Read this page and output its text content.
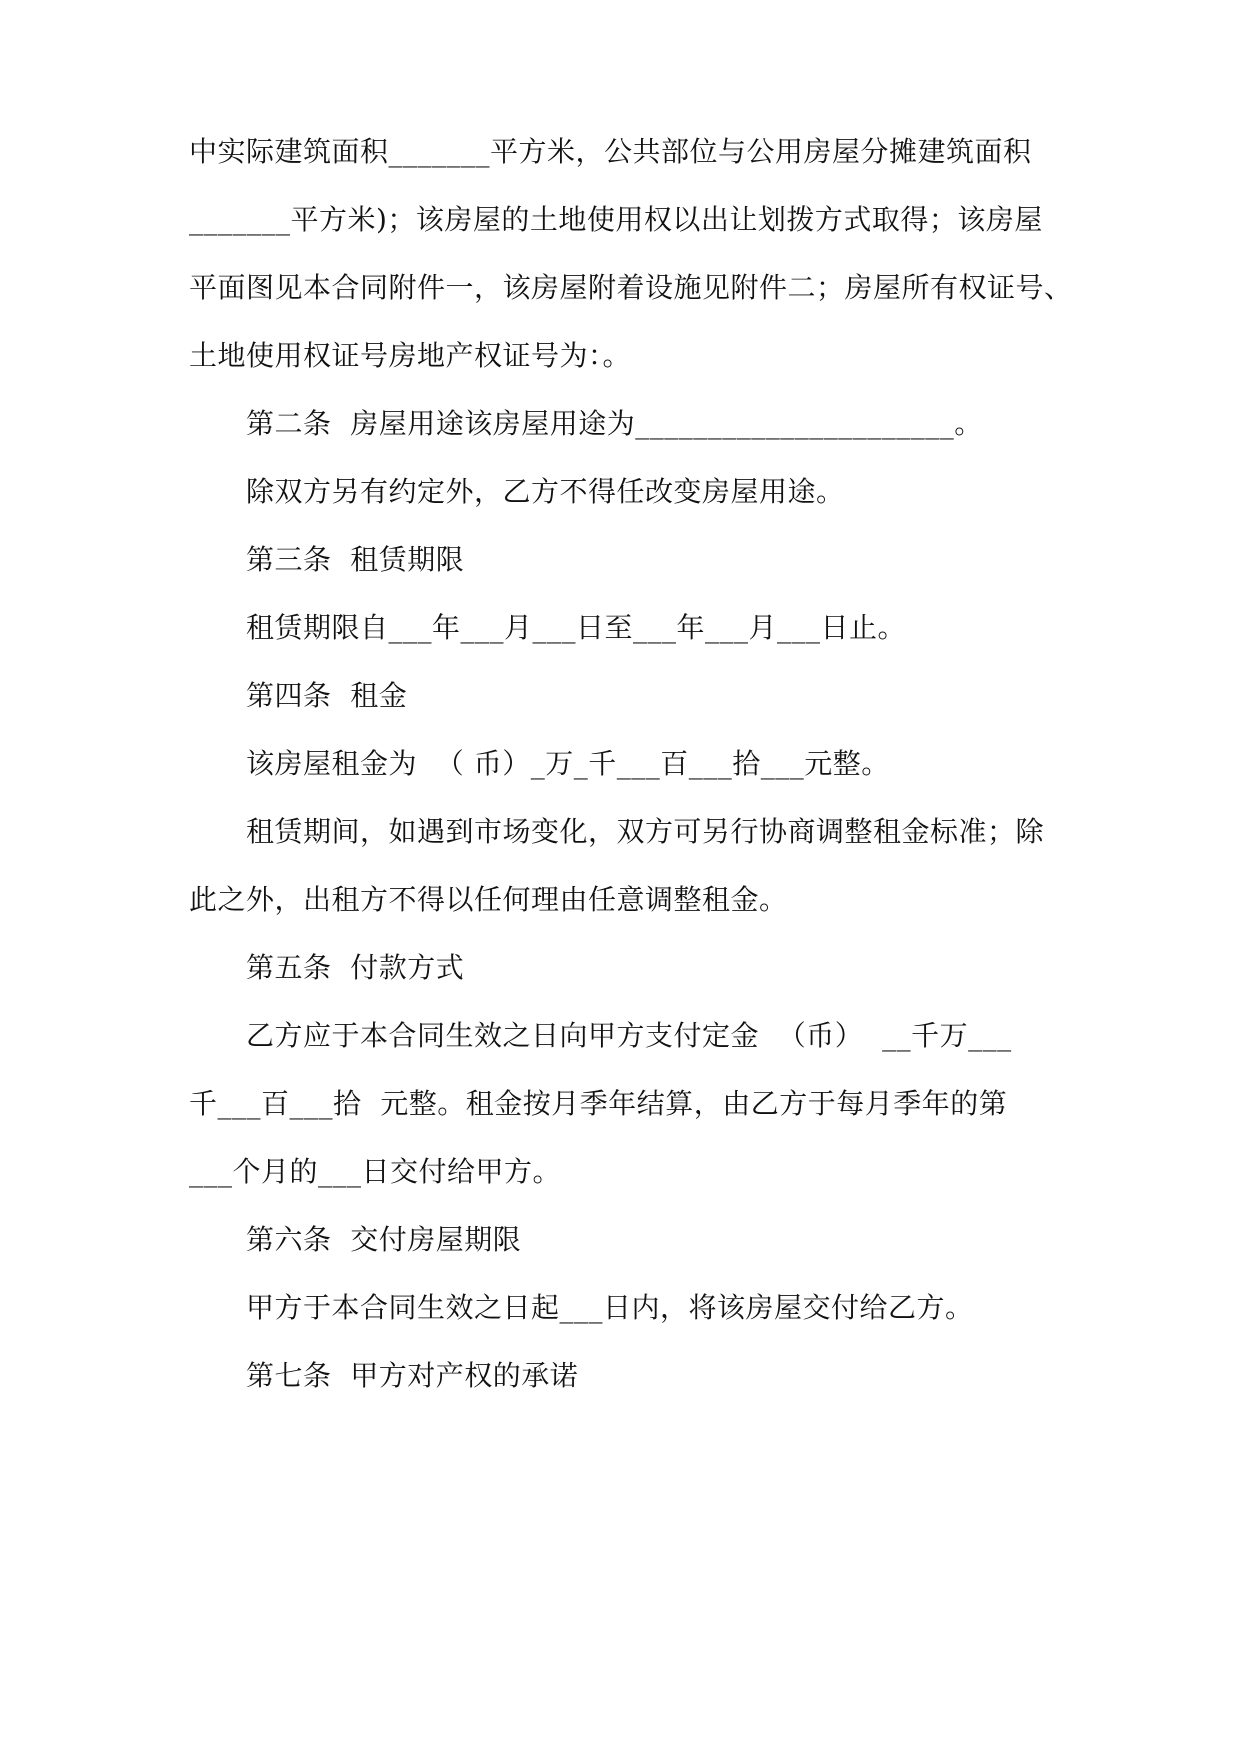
中实际建筑面积_______平方米，公共部位与公用房屋分摊建筑面积
_______平方米)；该房屋的土地使用权以出让划拨方式取得；该房屋
平面图见本合同附件一，该房屋附着设施见附件二；房屋所有权证号、
土地使用权证号房地产权证号为：。
第二条  房屋用途该房屋用途为______________________。
除双方另有约定外，乙方不得任改变房屋用途。
第三条  租赁期限
租赁期限自___年___月___日至___年___月___日止。
第四条  租金
该房屋租金为  （ 币）_万_千___百___拾___元整。
租赁期间，如遇到市场变化，双方可另行协商调整租金标准；除
此之外，出租方不得以任何理由任意调整租金。
第五条  付款方式
乙方应于本合同生效之日向甲方支付定金  （币）  __千万___
千___百___拾  元整。租金按月季年结算，由乙方于每月季年的第
___个月的___日交付给甲方。
第六条  交付房屋期限
甲方于本合同生效之日起___日内，将该房屋交付给乙方。
第七条  甲方对产权的承诺
